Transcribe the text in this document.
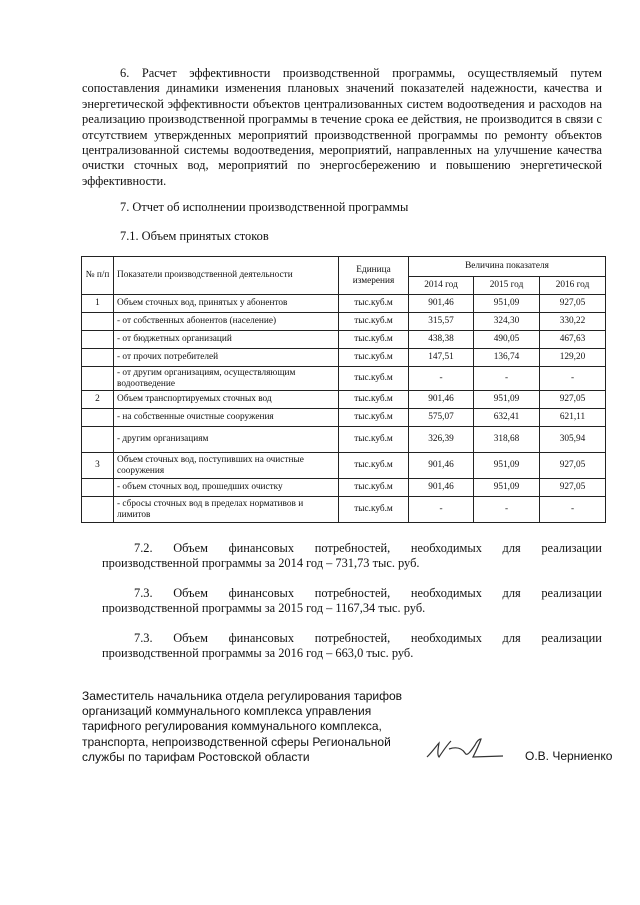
6. Расчет эффективности производственной программы, осуществляемый путем сопоставления динамики изменения плановых значений показателей надежности, качества и энергетической эффективности объектов централизованных систем водоотведения и расходов на реализацию производственной программы в течение срока ее действия, не производится в связи с отсутствием утвержденных мероприятий производственной программы по ремонту объектов централизованной системы водоотведения, мероприятий, направленных на улучшение качества очистки сточных вод, мероприятий по энергосбережению и повышению энергетической эффективности.

7. Отчет об исполнении производственной программы

7.1. Объем принятых стоков

№ п/п	Показатели производственной деятельности	Единица измерения	Величина показателя		
			2014 год	2015 год	2016 год
1	Объем сточных вод, принятых у абонентов	тыс.куб.м	901,46	951,09	927,05
	- от собственных абонентов (население)	тыс.куб.м	315,57	324,30	330,22
	- от бюджетных организаций	тыс.куб.м	438,38	490,05	467,63
	- от прочих потребителей	тыс.куб.м	147,51	136,74	129,20
	- от другим организациям, осуществляющим водоотведение	тыс.куб.м	-	-	-
2	Объем транспортируемых сточных вод	тыс.куб.м	901,46	951,09	927,05
	- на собственные очистные сооружения	тыс.куб.м	575,07	632,41	621,11
	- другим организациям	тыс.куб.м	326,39	318,68	305,94
3	Объем сточных вод, поступивших на очистные сооружения	тыс.куб.м	901,46	951,09	927,05
	- объем сточных вод, прошедших очистку	тыс.куб.м	901,46	951,09	927,05
	- сбросы сточных вод в пределах нормативов и лимитов	тыс.куб.м	-	-	-
7.2. Объем финансовых потребностей, необходимых для реализации
производственной программы за 2014 год – 731,73 тыс. руб.
7.3. Объем финансовых потребностей, необходимых для реализации
производственной программы за 2015 год – 1167,34 тыс. руб.
7.3. Объем финансовых потребностей, необходимых для реализации
производственной программы за 2016 год – 663,0 тыс. руб.

Заместитель начальника отдела регулирования тарифов
организаций коммунального комплекса управления
тарифного регулирования коммунального комплекса,
транспорта, непроизводственной сферы Региональной
службы по тарифам Ростовской области	О.В. Черниенко
